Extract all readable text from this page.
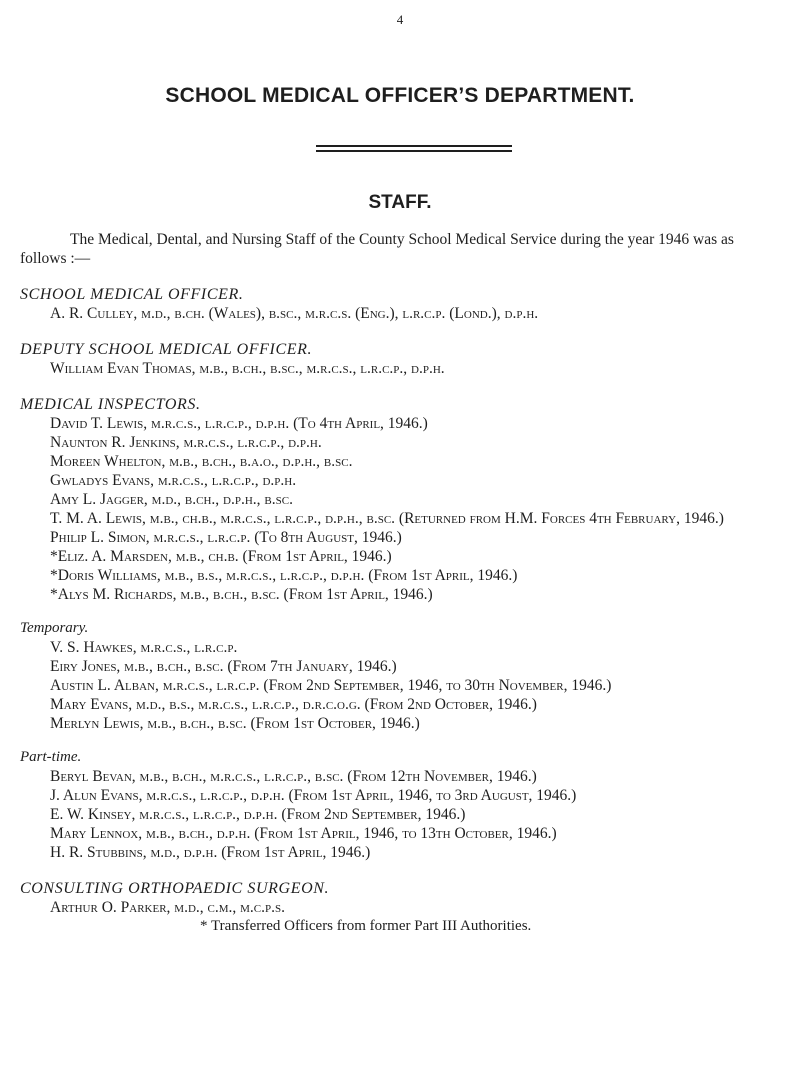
4
SCHOOL MEDICAL OFFICER’S DEPARTMENT.
STAFF.

The Medical, Dental, and Nursing Staff of the County School Medical Service during the year 1946 was as follows :—

SCHOOL MEDICAL OFFICER.

A. R. Culley, m.d., b.ch. (Wales), b.sc., m.r.c.s. (Eng.), l.r.c.p. (Lond.), d.p.h.

DEPUTY SCHOOL MEDICAL OFFICER.

William Evan Thomas, m.b., b.ch., b.sc., m.r.c.s., l.r.c.p., d.p.h.

MEDICAL INSPECTORS.

David T. Lewis, m.r.c.s., l.r.c.p., d.p.h. (To 4th April, 1946.)

Naunton R. Jenkins, m.r.c.s., l.r.c.p., d.p.h.

Moreen Whelton, m.b., b.ch., b.a.o., d.p.h., b.sc.

Gwladys Evans, m.r.c.s., l.r.c.p., d.p.h.

Amy L. Jagger, m.d., b.ch., d.p.h., b.sc.

T. M. A. Lewis, m.b., ch.b., m.r.c.s., l.r.c.p., d.p.h., b.sc. (Returned from H.M. Forces 4th February, 1946.)

Philip L. Simon, m.r.c.s., l.r.c.p. (To 8th August, 1946.)

*Eliz. A. Marsden, m.b., ch.b. (From 1st April, 1946.)

*Doris Williams, m.b., b.s., m.r.c.s., l.r.c.p., d.p.h. (From 1st April, 1946.)

*Alys M. Richards, m.b., b.ch., b.sc. (From 1st April, 1946.)

Temporary.

V. S. Hawkes, m.r.c.s., l.r.c.p.

Eiry Jones, m.b., b.ch., b.sc. (From 7th January, 1946.)

Austin L. Alban, m.r.c.s., l.r.c.p. (From 2nd September, 1946, to 30th November, 1946.)

Mary Evans, m.d., b.s., m.r.c.s., l.r.c.p., d.r.c.o.g. (From 2nd October, 1946.)

Merlyn Lewis, m.b., b.ch., b.sc. (From 1st October, 1946.)

Part-time.

Beryl Bevan, m.b., b.ch., m.r.c.s., l.r.c.p., b.sc. (From 12th November, 1946.)

J. Alun Evans, m.r.c.s., l.r.c.p., d.p.h. (From 1st April, 1946, to 3rd August, 1946.)

E. W. Kinsey, m.r.c.s., l.r.c.p., d.p.h. (From 2nd September, 1946.)

Mary Lennox, m.b., b.ch., d.p.h. (From 1st April, 1946, to 13th October, 1946.)

H. R. Stubbins, m.d., d.p.h. (From 1st April, 1946.)

CONSULTING ORTHOPAEDIC SURGEON.

Arthur O. Parker, m.d., c.m., m.c.p.s.

* Transferred Officers from former Part III Authorities.
